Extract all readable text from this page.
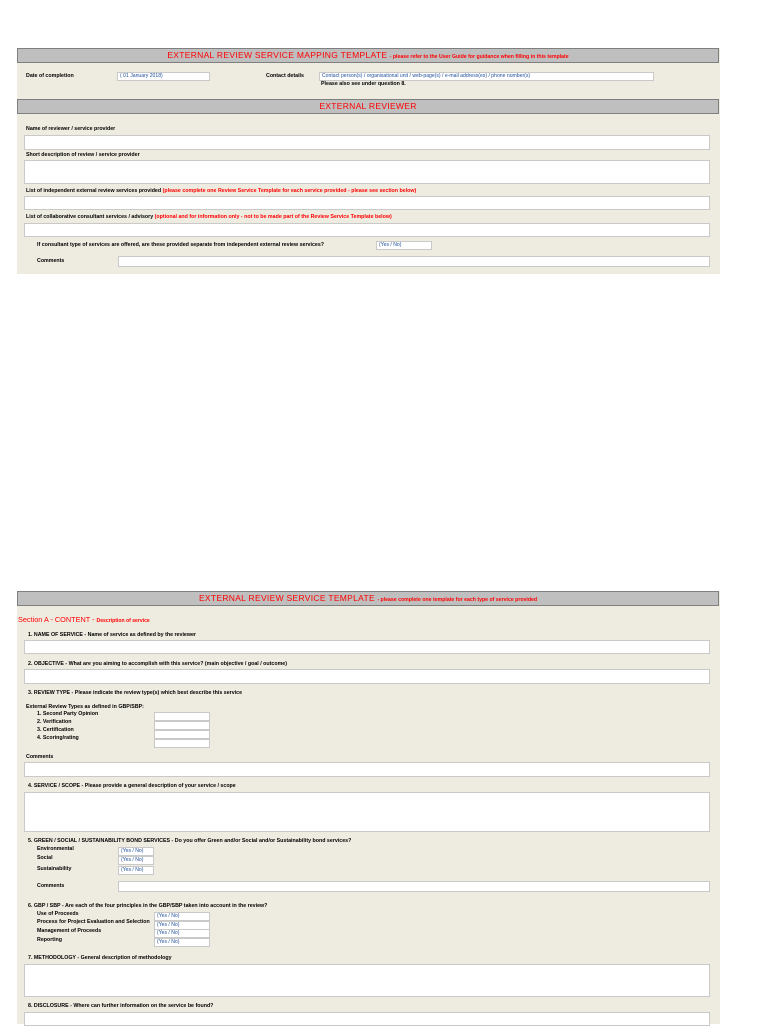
EXTERNAL REVIEW SERVICE MAPPING TEMPLATE - please refer to the User Guide for guidance when filling in this template
Date of completion	( 01 January 2018)	Contact details	Contact person(s) / organisational unit / web-page(s) / e-mail address(es) / phone number(s)
Please also see under question 8.
EXTERNAL REVIEWER
Name of reviewer / service provider
Short description of review / service provider
List of independent external review services provided (please complete one Review Service Template for each service provided - please see section below)
List of collaborative consultant services / advisory (optional and for information only - not to be made part of the Review Service Template below)
If consultant type of services are offered, are these provided separate from independent external review services?	(Yes / No)
Comments
EXTERNAL REVIEW SERVICE TEMPLATE - please complete one template for each type of service provided
Section A - CONTENT - Description of service
1. NAME OF SERVICE - Name of service as defined by the reviewer
2. OBJECTIVE - What are you aiming to accomplish with this service? (main objective / goal / outcome)
3. REVIEW TYPE - Please indicate the review type(s) which best describe this service
External Review Types as defined in GBP/SBP:
1. Second Party Opinion
2. Verification
3. Certification
4. Scoring/rating
Comments
4. SERVICE / SCOPE - Please provide a general description of your service / scope
5. GREEN / SOCIAL / SUSTAINABILITY BOND SERVICES - Do you offer Green and/or Social and/or Sustainability bond services?
Environmental	(Yes / No)
Social	(Yes / No)
Sustainability	(Yes / No)
Comments
6. GBP / SBP - Are each of the four principles in the GBP/SBP taken into account in the review?
Use of Proceeds	(Yes / No)
Process for Project Evaluation and Selection	(Yes / No)
Management of Proceeds	(Yes / No)
Reporting	(Yes / No)
7. METHODOLOGY - General description of methodology
8. DISCLOSURE - Where can further information on the service be found?
